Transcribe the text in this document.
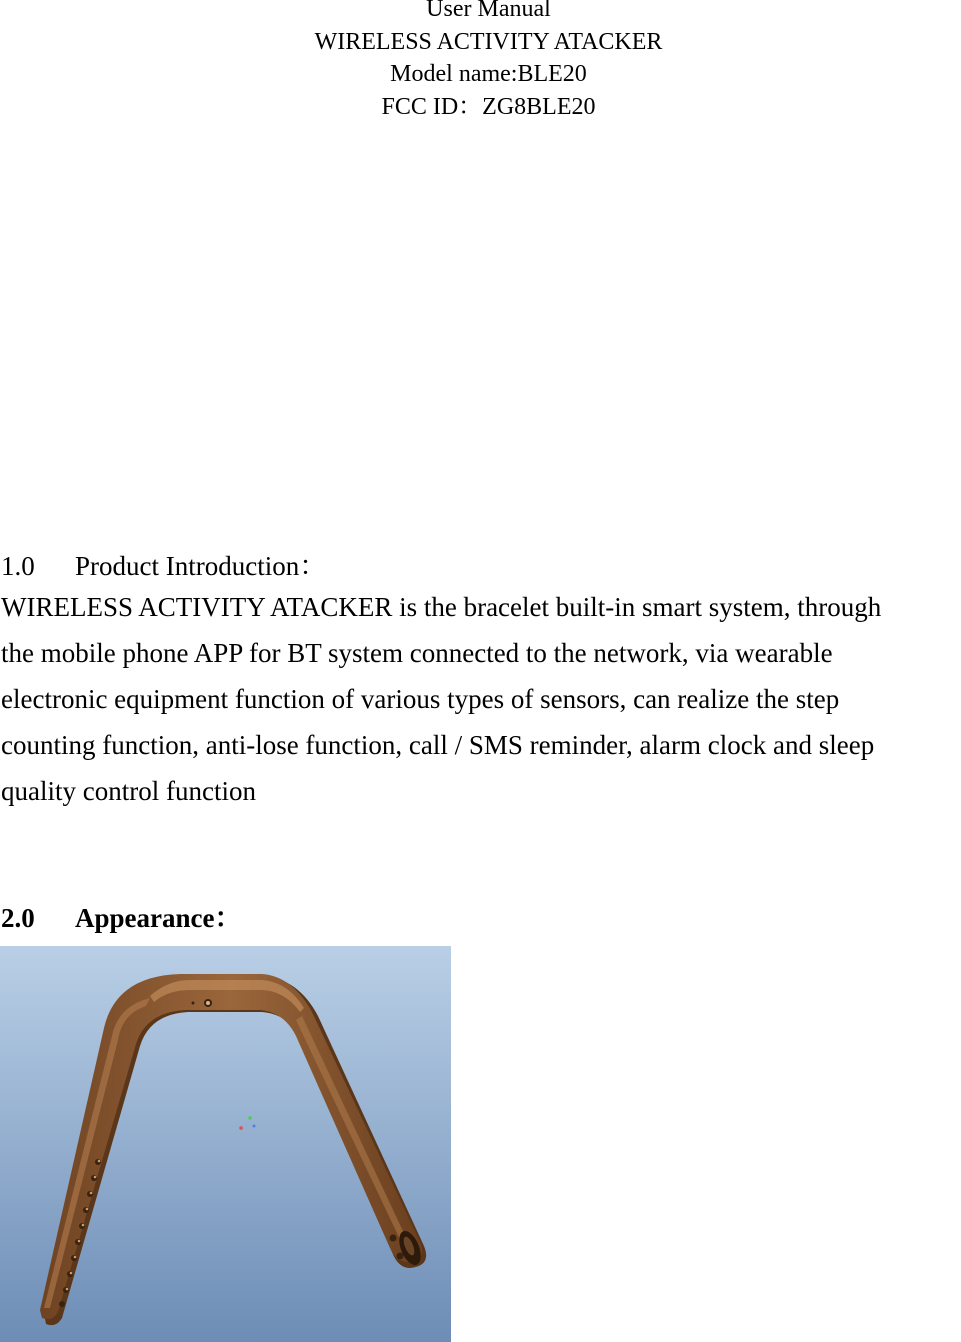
User Manual
WIRELESS ACTIVITY ATACKER
Model name:BLE20
FCC ID：ZG8BLE20
1.0 Product Introduction：
WIRELESS ACTIVITY ATACKER is the bracelet built-in smart system, through
the mobile phone APP for BT system connected to the network, via wearable
electronic equipment function of various types of sensors, can realize the step
counting function, anti-lose function, call / SMS reminder, alarm clock and sleep
quality control function
2.0 Appearance：
